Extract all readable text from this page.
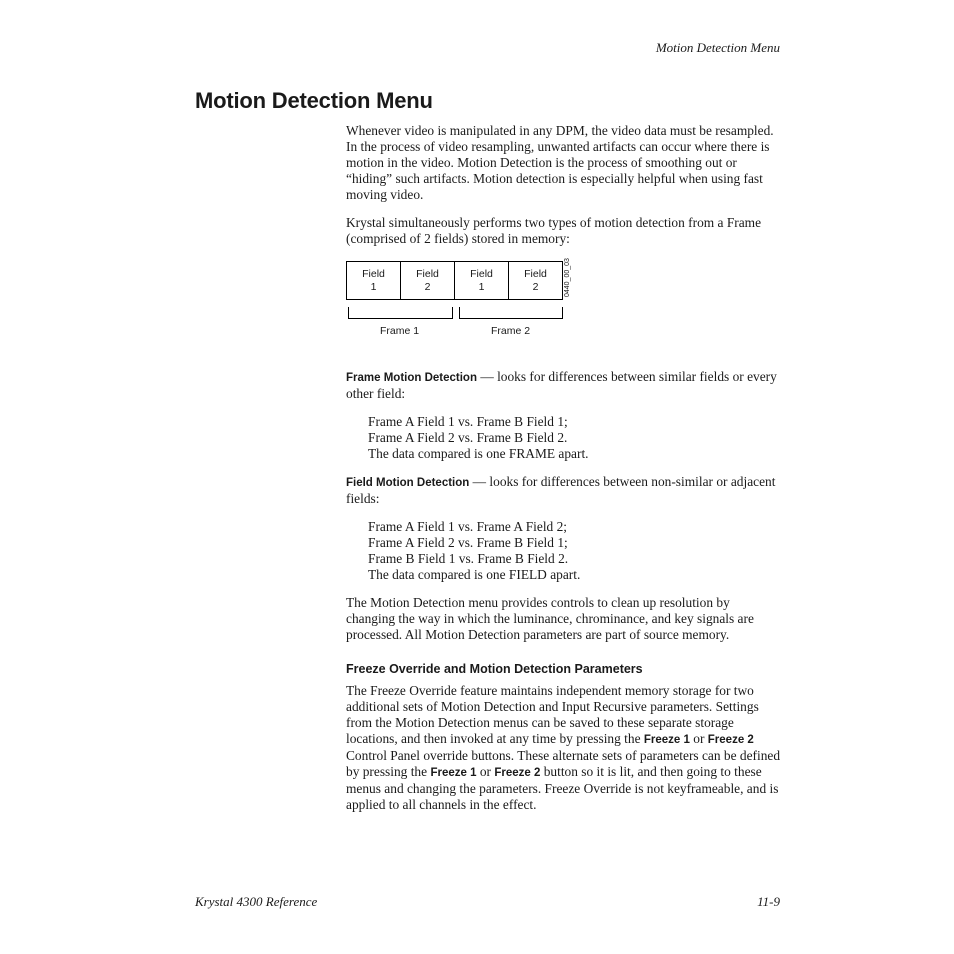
Motion Detection Menu
Motion Detection Menu

Whenever video is manipulated in any DPM, the video data must be resampled. In the process of video resampling, unwanted artifacts can occur where there is motion in the video. Motion Detection is the process of smoothing out or “hiding” such artifacts. Motion detection is especially helpful when using fast moving video.

Krystal simultaneously performs two types of motion detection from a Frame (comprised of 2 fields) stored in memory:

Field
1
Field
2
Field
1
Field
2
Frame 1	Frame 2
0440_00_03

Frame Motion Detection — looks for differences between similar fields or every other field:

Frame A Field 1 vs. Frame B Field 1;
Frame A Field 2 vs. Frame B Field 2.
The data compared is one FRAME apart.

Field Motion Detection — looks for differences between non-similar or adjacent fields:

Frame A Field 1 vs. Frame A Field 2;
Frame A Field 2 vs. Frame B Field 1;
Frame B Field 1 vs. Frame B Field 2.
The data compared is one FIELD apart.

The Motion Detection menu provides controls to clean up resolution by changing the way in which the luminance, chrominance, and key signals are processed. All Motion Detection parameters are part of source memory.

Freeze Override and Motion Detection Parameters

The Freeze Override feature maintains independent memory storage for two additional sets of Motion Detection and Input Recursive parameters. Settings from the Motion Detection menus can be saved to these separate storage locations, and then invoked at any time by pressing the Freeze 1 or Freeze 2 Control Panel override buttons. These alternate sets of parameters can be defined by pressing the Freeze 1 or Freeze 2 button so it is lit, and then going to these menus and changing the parameters. Freeze Override is not keyframeable, and is applied to all channels in the effect.

Krystal 4300 Reference	11-9
